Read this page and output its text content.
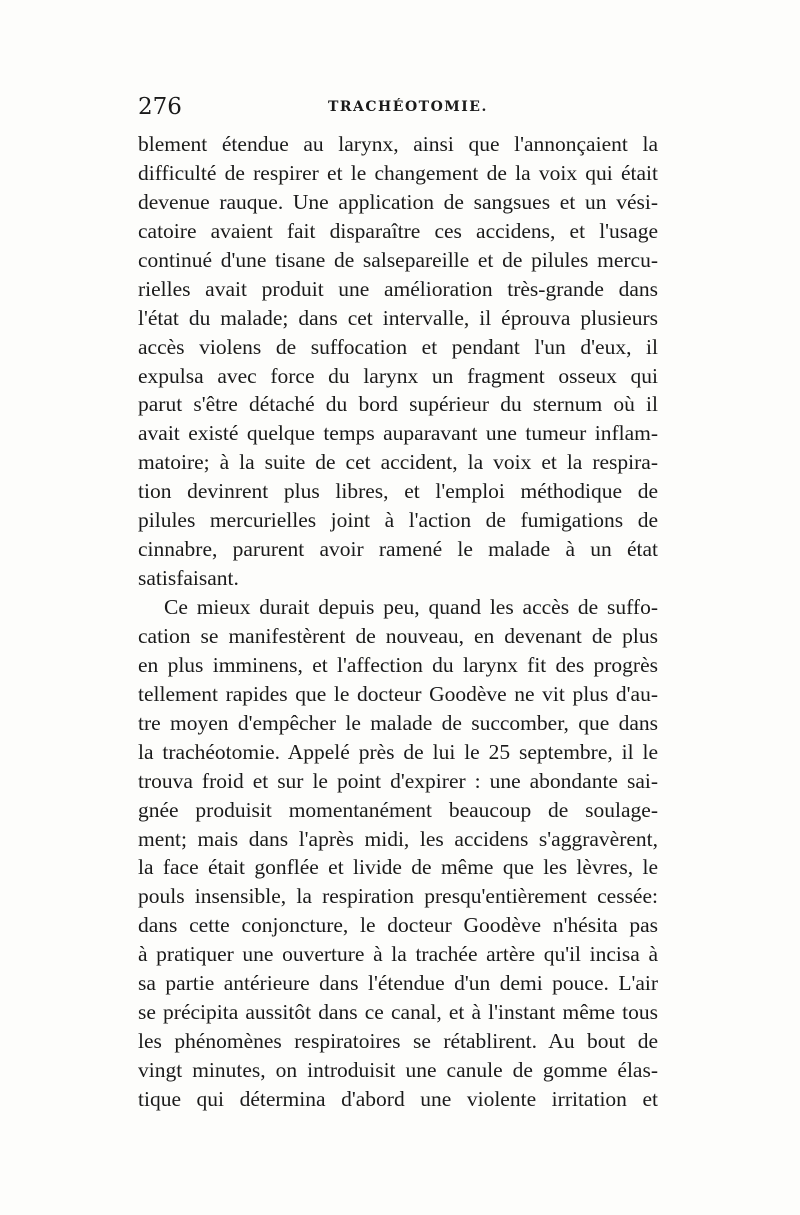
276	TRACHÉOTOMIE.
blement étendue au larynx, ainsi que l'annonçaient la
difficulté de respirer et le changement de la voix qui était
devenue rauque. Une application de sangsues et un vési-
catoire avaient fait disparaître ces accidens, et l'usage
continué d'une tisane de salsepareille et de pilules mercu-
rielles avait produit une amélioration très-grande dans
l'état du malade; dans cet intervalle, il éprouva plusieurs
accès violens de suffocation et pendant l'un d'eux, il
expulsa avec force du larynx un fragment osseux qui
parut s'être détaché du bord supérieur du sternum où il
avait existé quelque temps auparavant une tumeur inflam-
matoire; à la suite de cet accident, la voix et la respira-
tion devinrent plus libres, et l'emploi méthodique de
pilules mercurielles joint à l'action de fumigations de
cinnabre, parurent avoir ramené le malade à un état
satisfaisant.
Ce mieux durait depuis peu, quand les accès de suffo-
cation se manifestèrent de nouveau, en devenant de plus
en plus imminens, et l'affection du larynx fit des progrès
tellement rapides que le docteur Goodève ne vit plus d'au-
tre moyen d'empêcher le malade de succomber, que dans
la trachéotomie. Appelé près de lui le 25 septembre, il le
trouva froid et sur le point d'expirer : une abondante sai-
gnée produisit momentanément beaucoup de soulage-
ment; mais dans l'après midi, les accidens s'aggravèrent,
la face était gonflée et livide de même que les lèvres, le
pouls insensible, la respiration presqu'entièrement cessée:
dans cette conjoncture, le docteur Goodève n'hésita pas
à pratiquer une ouverture à la trachée artère qu'il incisa à
sa partie antérieure dans l'étendue d'un demi pouce. L'air
se précipita aussitôt dans ce canal, et à l'instant même tous
les phénomènes respiratoires se rétablirent. Au bout de
vingt minutes, on introduisit une canule de gomme élas-
tique qui détermina d'abord une violente irritation et
